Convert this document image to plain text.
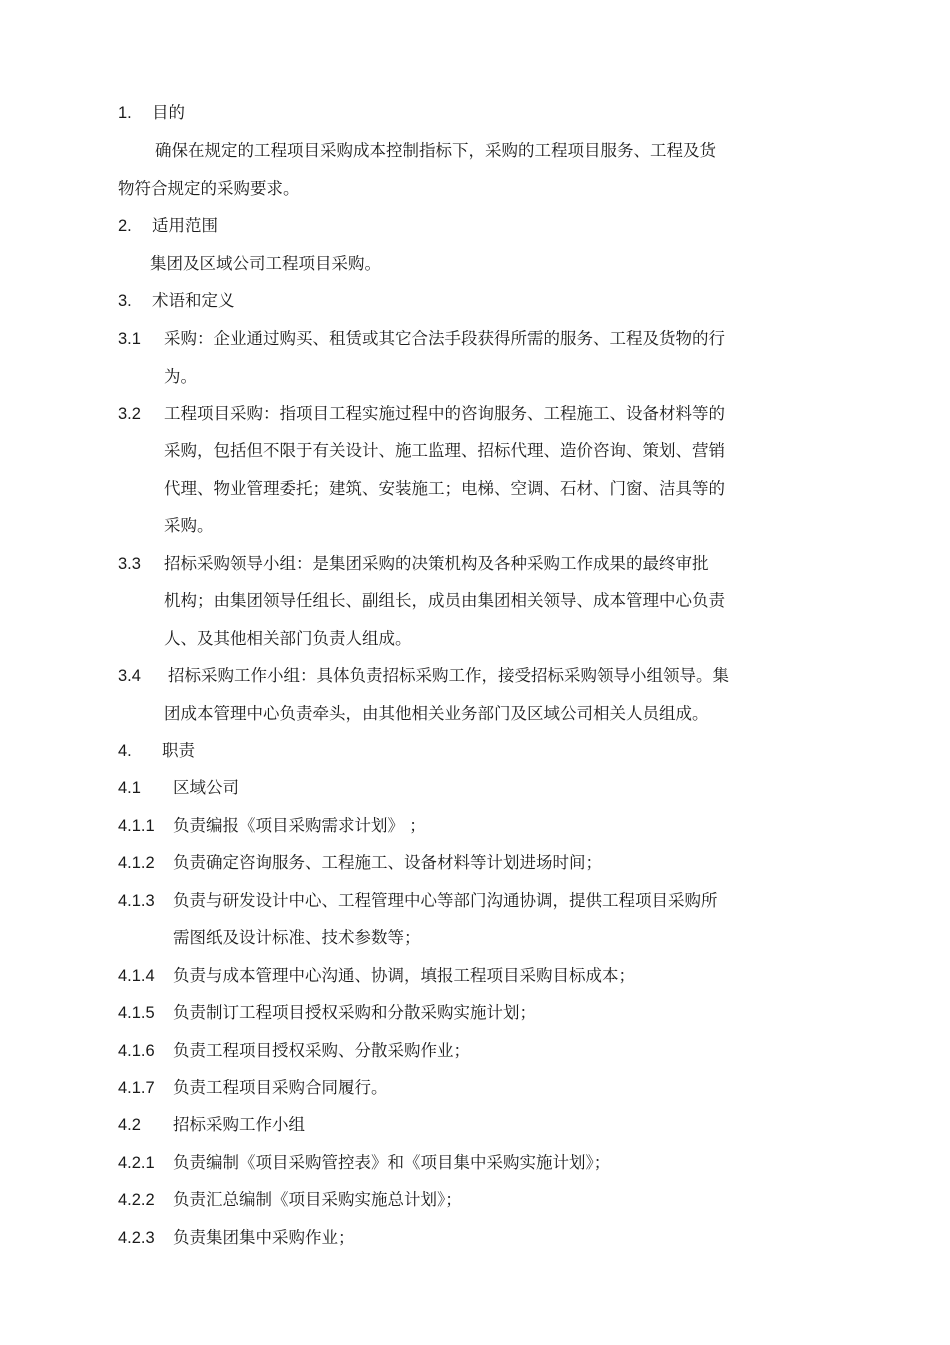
1. 目的
确保在规定的工程项目采购成本控制指标下，采购的工程项目服务、工程及货
物符合规定的采购要求。
2. 适用范围
集团及区域公司工程项目采购。
3. 术语和定义
3.1 采购：企业通过购买、租赁或其它合法手段获得所需的服务、工程及货物的行
为。
3.2 工程项目采购：指项目工程实施过程中的咨询服务、工程施工、设备材料等的
采购，包括但不限于有关设计、施工监理、招标代理、造价咨询、策划、营销
代理、物业管理委托；建筑、安装施工；电梯、空调、石材、门窗、洁具等的
采购。
3.3 招标采购领导小组：是集团采购的决策机构及各种采购工作成果的最终审批
机构；由集团领导任组长、副组长，成员由集团相关领导、成本管理中心负责
人、及其他相关部门负责人组成。
3.4 招标采购工作小组：具体负责招标采购工作，接受招标采购领导小组领导。集
团成本管理中心负责牵头，由其他相关业务部门及区域公司相关人员组成。
4. 职责
4.1 区域公司
4.1.1 负责编报《项目采购需求计划》 ；
4.1.2 负责确定咨询服务、工程施工、设备材料等计划进场时间；
4.1.3 负责与研发设计中心、工程管理中心等部门沟通协调，提供工程项目采购所
需图纸及设计标准、技术参数等；
4.1.4 负责与成本管理中心沟通、协调，填报工程项目采购目标成本；
4.1.5 负责制订工程项目授权采购和分散采购实施计划；
4.1.6 负责工程项目授权采购、分散采购作业；
4.1.7 负责工程项目采购合同履行。
4.2 招标采购工作小组
4.2.1 负责编制《项目采购管控表》和《项目集中采购实施计划》；
4.2.2 负责汇总编制《项目采购实施总计划》；
4.2.3 负责集团集中采购作业；
